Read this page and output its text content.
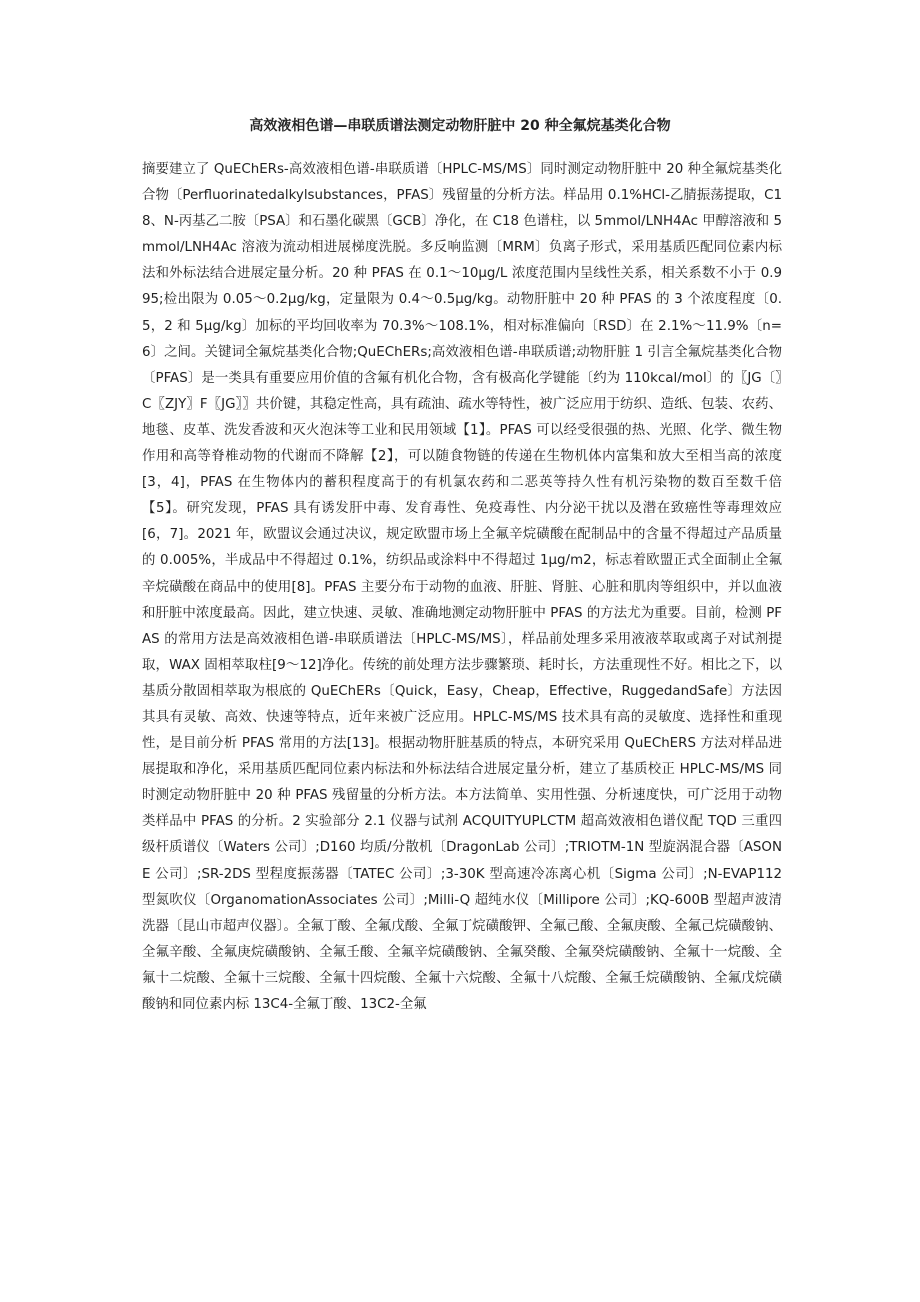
高效液相色谱—串联质谱法测定动物肝脏中 20 种全氟烷基类化合物

摘要建立了 QuEChERs-高效液相色谱-串联质谱〔HPLC-MS/MS〕同时测定动物肝脏中 20 种全氟烷基类化合物〔Perfluorinatedalkylsubstances，PFAS〕残留量的分析方法。样品用 0.1%HCl-乙腈振荡提取，C18、N-丙基乙二胺〔PSA〕和石墨化碳黑〔GCB〕净化，在 C18 色谱柱，以 5mmol/LNH4Ac 甲醇溶液和 5mmol/LNH4Ac 溶液为流动相进展梯度洗脱。多反响监测〔MRM〕负离子形式，采用基质匹配同位素内标法和外标法结合进展定量分析。20 种 PFAS 在 0.1～10μg/L 浓度范围内呈线性关系，相关系数不小于 0.995;检出限为 0.05～0.2μg/kg，定量限为 0.4～0.5μg/kg。动物肝脏中 20 种 PFAS 的 3 个浓度程度〔0.5，2 和 5μg/kg〕加标的平均回收率为 70.3%～108.1%，相对标准偏向〔RSD〕在 2.1%～11.9%〔n=6〕之间。关键词全氟烷基类化合物;QuEChERs;高效液相色谱-串联质谱;动物肝脏 1 引言全氟烷基类化合物〔PFAS〕是一类具有重要应用价值的含氟有机化合物，含有极高化学键能〔约为 110kcal/mol〕的〖JG〔〗C〖ZJY〗F〖JG〗〗共价键，其稳定性高，具有疏油、疏水等特性，被广泛应用于纺织、造纸、包装、农药、地毯、皮革、洗发香波和灭火泡沫等工业和民用领域【1】。PFAS 可以经受很强的热、光照、化学、微生物作用和高等脊椎动物的代谢而不降解【2】，可以随食物链的传递在生物机体内富集和放大至相当高的浓度[3，4]，PFAS 在生物体内的蓄积程度高于的有机氯农药和二恶英等持久性有机污染物的数百至数千倍【5】。研究发现，PFAS 具有诱发肝中毒、发育毒性、免疫毒性、内分泌干扰以及潜在致癌性等毒理效应[6，7]。2021 年，欧盟议会通过决议，规定欧盟市场上全氟辛烷磺酸在配制品中的含量不得超过产品质量的 0.005%，半成品中不得超过 0.1%，纺织品或涂料中不得超过 1μg/m2，标志着欧盟正式全面制止全氟辛烷磺酸在商品中的使用[8]。PFAS 主要分布于动物的血液、肝脏、肾脏、心脏和肌肉等组织中，并以血液和肝脏中浓度最高。因此，建立快速、灵敏、准确地测定动物肝脏中 PFAS 的方法尤为重要。目前，检测 PFAS 的常用方法是高效液相色谱-串联质谱法〔HPLC-MS/MS〕，样品前处理多采用液液萃取或离子对试剂提取，WAX 固相萃取柱[9～12]净化。传统的前处理方法步骤繁琐、耗时长，方法重现性不好。相比之下，以基质分散固相萃取为根底的 QuEChERs〔Quick，Easy，Cheap，Effective，RuggedandSafe〕方法因其具有灵敏、高效、快速等特点，近年来被广泛应用。HPLC-MS/MS 技术具有高的灵敏度、选择性和重现性，是目前分析 PFAS 常用的方法[13]。根据动物肝脏基质的特点，本研究采用 QuEChERS 方法对样品进展提取和净化，采用基质匹配同位素内标法和外标法结合进展定量分析，建立了基质校正 HPLC-MS/MS 同时测定动物肝脏中 20 种 PFAS 残留量的分析方法。本方法简单、实用性强、分析速度快，可广泛用于动物类样品中 PFAS 的分析。2 实验部分 2.1 仪器与试剂 ACQUITYUPLCTM 超高效液相色谱仪配 TQD 三重四级杆质谱仪〔Waters 公司〕;D160 均质/分散机〔DragonLab 公司〕;TRIOTM-1N 型旋涡混合器〔ASONE 公司〕;SR-2DS 型程度振荡器〔TATEC 公司〕;3-30K 型高速冷冻离心机〔Sigma 公司〕;N-EVAP112 型氮吹仪〔OrganomationAssociates 公司〕;Milli-Q 超纯水仪〔Millipore 公司〕;KQ-600B 型超声波清洗器〔昆山市超声仪器〕。全氟丁酸、全氟戊酸、全氟丁烷磺酸钾、全氟己酸、全氟庚酸、全氟己烷磺酸钠、全氟辛酸、全氟庚烷磺酸钠、全氟壬酸、全氟辛烷磺酸钠、全氟癸酸、全氟癸烷磺酸钠、全氟十一烷酸、全氟十二烷酸、全氟十三烷酸、全氟十四烷酸、全氟十六烷酸、全氟十八烷酸、全氟壬烷磺酸钠、全氟戊烷磺酸钠和同位素内标 13C4-全氟丁酸、13C2-全氟
